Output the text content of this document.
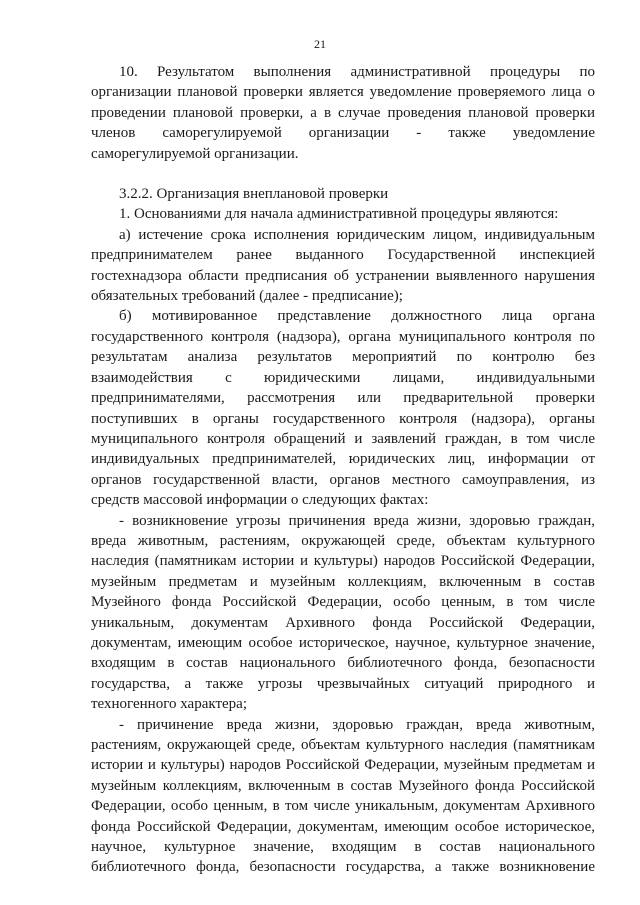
21
10. Результатом выполнения административной процедуры по
организации плановой проверки является уведомление проверяемого лица о
проведении плановой проверки, а в случае проведения плановой проверки
членов саморегулируемой организации - также уведомление
саморегулируемой организации.
3.2.2. Организация внеплановой проверки
1. Основаниями для начала административной процедуры являются:
а) истечение срока исполнения юридическим лицом, индивидуальным
предпринимателем ранее выданного Государственной инспекцией
гостехнадзора области предписания об устранении выявленного нарушения
обязательных требований (далее - предписание);
б) мотивированное представление должностного лица органа
государственного контроля (надзора), органа муниципального контроля по
результатам анализа результатов мероприятий по контролю без
взаимодействия с юридическими лицами, индивидуальными
предпринимателями, рассмотрения или предварительной проверки
поступивших в органы государственного контроля (надзора), органы
муниципального контроля обращений и заявлений граждан, в том числе
индивидуальных предпринимателей, юридических лиц, информации от
органов государственной власти, органов местного самоуправления, из
средств массовой информации о следующих фактах:
- возникновение угрозы причинения вреда жизни, здоровью граждан,
вреда животным, растениям, окружающей среде, объектам культурного
наследия (памятникам истории и культуры) народов Российской Федерации,
музейным предметам и музейным коллекциям, включенным в состав
Музейного фонда Российской Федерации, особо ценным, в том числе
уникальным, документам Архивного фонда Российской Федерации,
документам, имеющим особое историческое, научное, культурное значение,
входящим в состав национального библиотечного фонда, безопасности
государства, а также угрозы чрезвычайных ситуаций природного и
техногенного характера;
- причинение вреда жизни, здоровью граждан, вреда животным,
растениям, окружающей среде, объектам культурного наследия (памятникам
истории и культуры) народов Российской Федерации, музейным предметам и
музейным коллекциям, включенным в состав Музейного фонда Российской
Федерации, особо ценным, в том числе уникальным, документам Архивного
фонда Российской Федерации, документам, имеющим особое историческое,
научное, культурное значение, входящим в состав национального
библиотечного фонда, безопасности государства, а также возникновение
